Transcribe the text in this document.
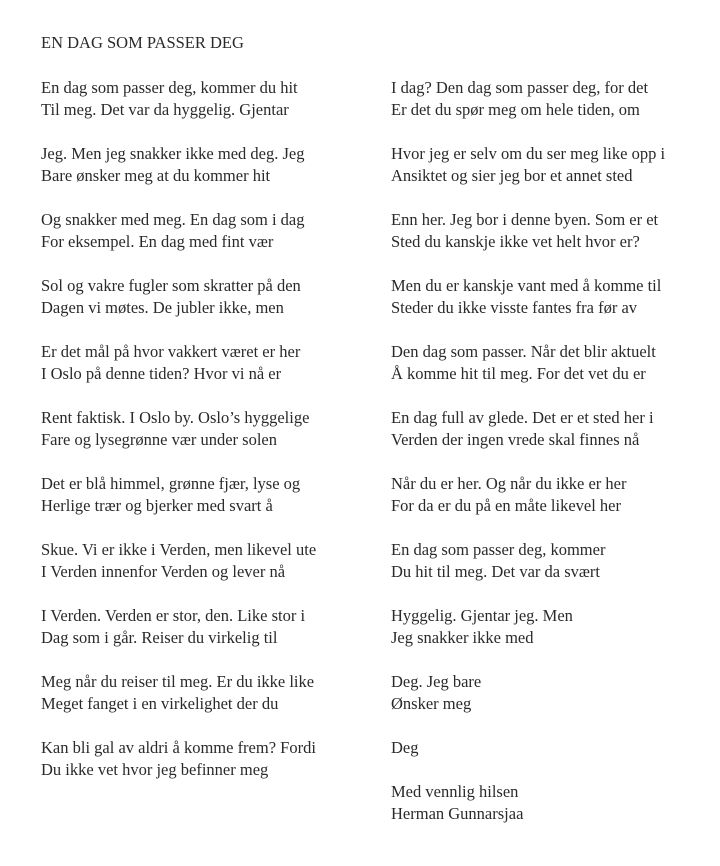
EN DAG SOM PASSER DEG
En dag som passer deg, kommer du hit
Til meg. Det var da hyggelig. Gjentar
Jeg. Men jeg snakker ikke med deg. Jeg
Bare ønsker meg at du kommer hit
Og snakker med meg. En dag som i dag
For eksempel. En dag med fint vær
Sol og vakre fugler som skratter på den
Dagen vi møtes. De jubler ikke, men
Er det mål på hvor vakkert været er her
I Oslo på denne tiden? Hvor vi nå er
Rent faktisk. I Oslo by. Oslo’s hyggelige
Fare og lysegrønne vær under solen
Det er blå himmel, grønne fjær, lyse og
Herlige trær og bjerker med svart å
Skue. Vi er ikke i Verden, men likevel ute
I Verden innenfor Verden og lever nå
I Verden. Verden er stor, den. Like stor i
Dag som i går. Reiser du virkelig til
Meg når du reiser til meg. Er du ikke like
Meget fanget i en virkelighet der du
Kan bli gal av aldri å komme frem? Fordi
Du ikke vet hvor jeg befinner meg
I dag? Den dag som passer deg, for det
Er det du spør meg om hele tiden, om
Hvor jeg er selv om du ser meg like opp i
Ansiktet og sier jeg bor et annet sted
Enn her. Jeg bor i denne byen. Som er et
Sted du kanskje ikke vet helt hvor er?
Men du er kanskje vant med å komme til
Steder du ikke visste fantes fra før av
Den dag som passer. Når det blir aktuelt
Å komme hit til meg. For det vet du er
En dag full av glede. Det er et sted her i
Verden der ingen vrede skal finnes nå
Når du er her. Og når du ikke er her
For da er du på en måte likevel her
En dag som passer deg, kommer
Du hit til meg. Det var da svært
Hyggelig. Gjentar jeg. Men
Jeg snakker ikke med
Deg. Jeg bare
Ønsker meg
Deg
Med vennlig hilsen
Herman Gunnarsjaa
